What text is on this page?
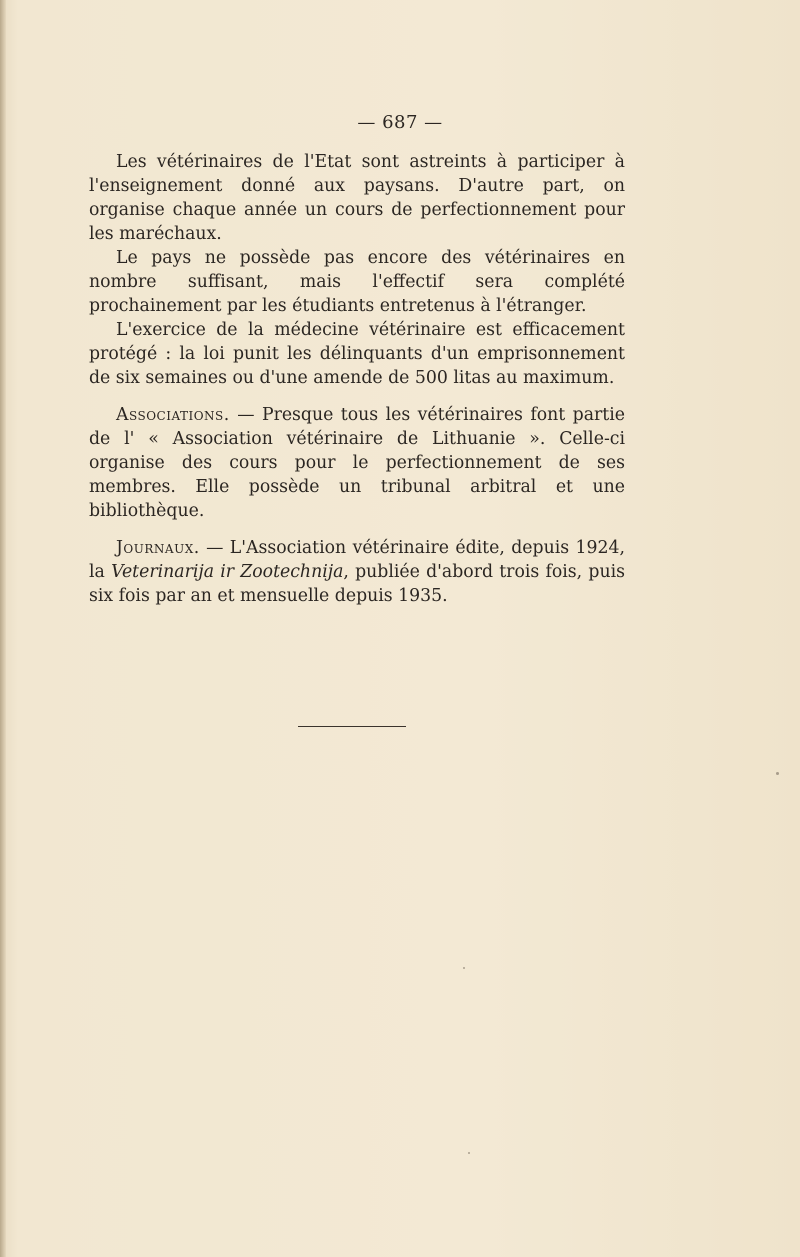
— 687 —

Les vétérinaires de l'Etat sont astreints à participer à l'enseignement donné aux paysans. D'autre part, on organise chaque année un cours de perfectionnement pour les maréchaux.

Le pays ne possède pas encore des vétérinaires en nombre suffisant, mais l'effectif sera complété prochainement par les étudiants entretenus à l'étranger.

L'exercice de la médecine vétérinaire est efficacement protégé : la loi punit les délinquants d'un emprisonnement de six semaines ou d'une amende de 500 litas au maximum.

Associations. — Presque tous les vétérinaires font partie de l' « Association vétérinaire de Lithuanie ». Celle-ci organise des cours pour le perfectionnement de ses membres. Elle possède un tribunal arbitral et une bibliothèque.

Journaux. — L'Association vétérinaire édite, depuis 1924, la Veterinarija ir Zootechnija, publiée d'abord trois fois, puis six fois par an et mensuelle depuis 1935.
